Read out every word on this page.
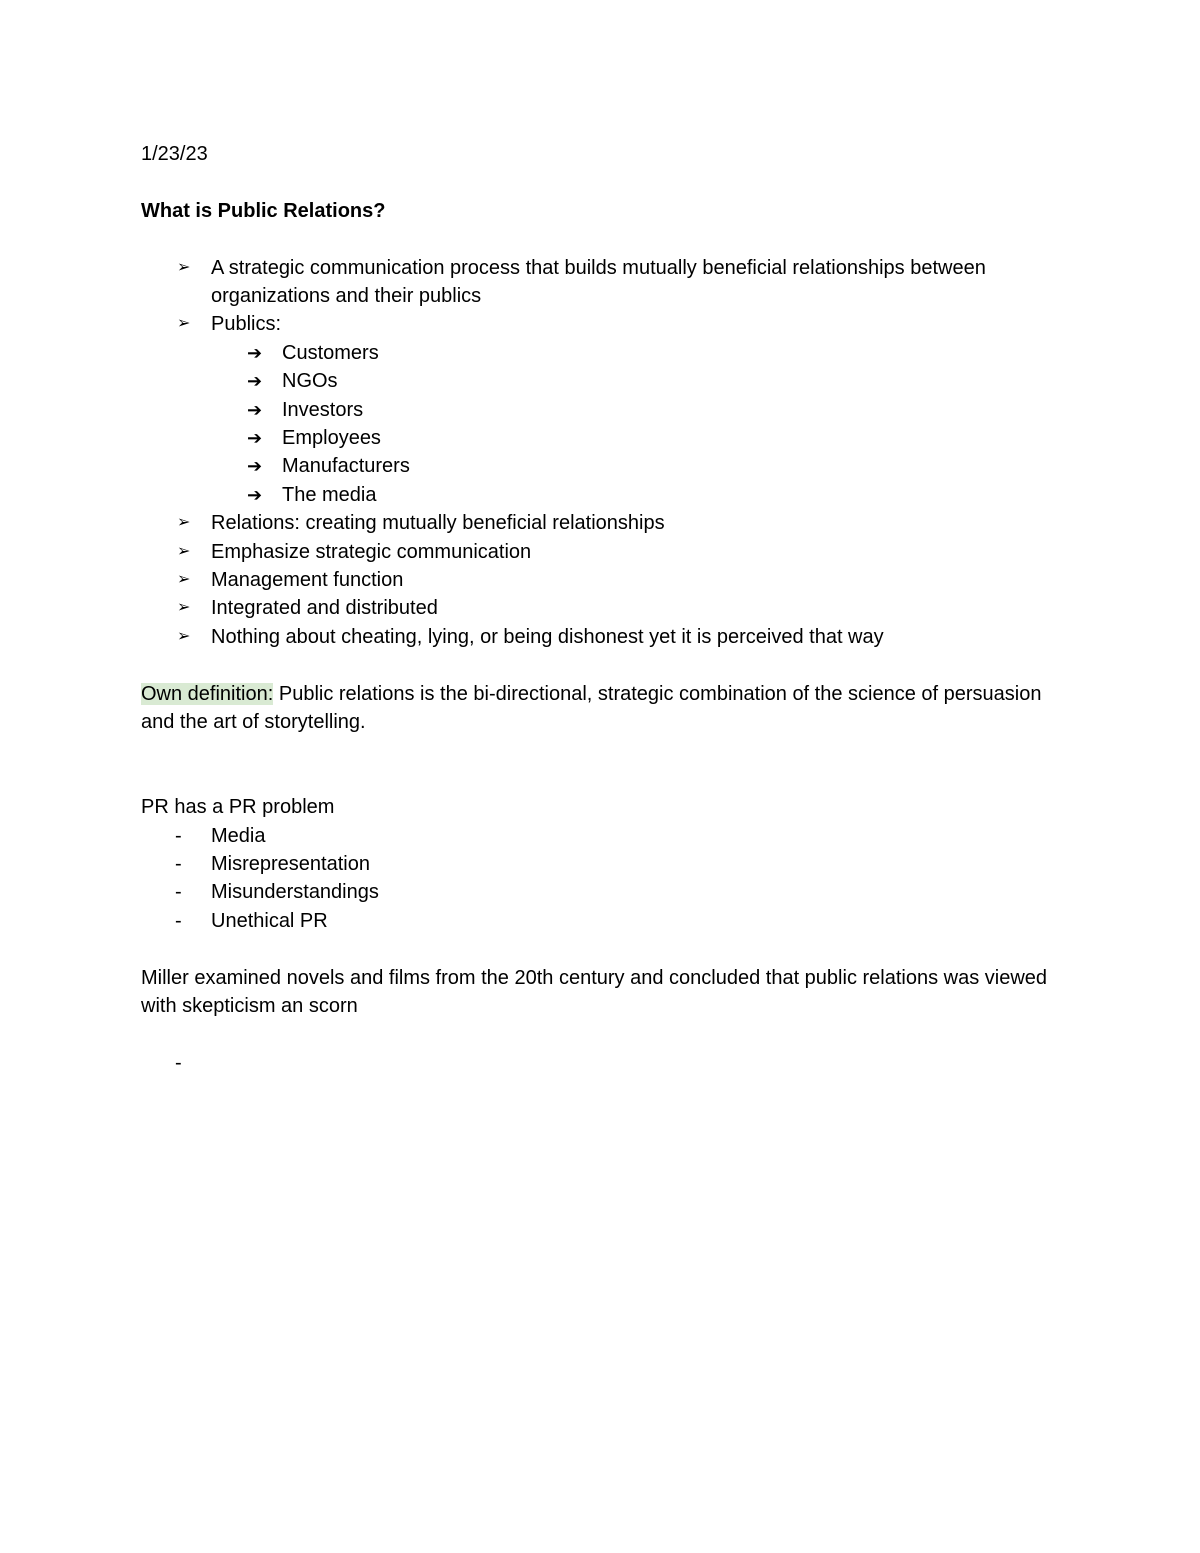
1/23/23
What is Public Relations?
➢ A strategic communication process that builds mutually beneficial relationships between organizations and their publics
➢ Publics:
➔ Customers
➔ NGOs
➔ Investors
➔ Employees
➔ Manufacturers
➔ The media
➢ Relations: creating mutually beneficial relationships
➢ Emphasize strategic communication
➢ Management function
➢ Integrated and distributed
➢ Nothing about cheating, lying, or being dishonest yet it is perceived that way
Own definition: Public relations is the bi-directional, strategic combination of the science of persuasion and the art of storytelling.
PR has a PR problem
- Media
- Misrepresentation
- Misunderstandings
- Unethical PR
Miller examined novels and films from the 20th century and concluded that public relations was viewed with skepticism an scorn
-
